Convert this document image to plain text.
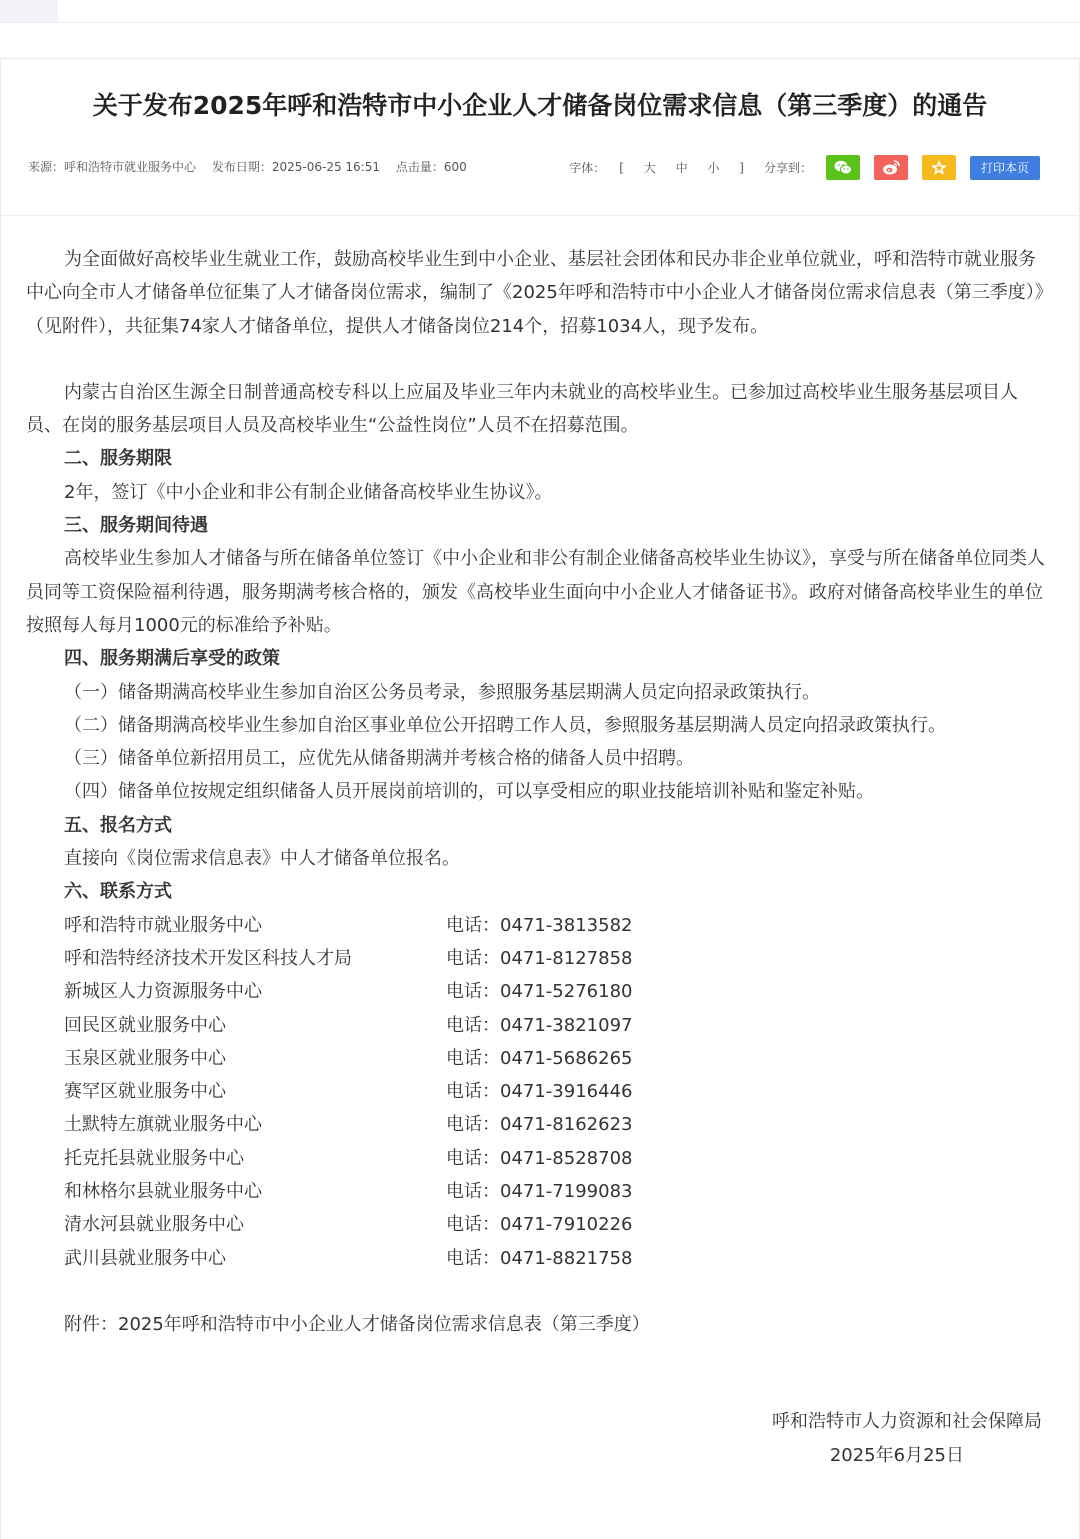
关于发布2025年呼和浩特市中小企业人才储备岗位需求信息（第三季度）的通告
来源：呼和浩特市就业服务中心 发布日期：2025-06-25 16:51 点击量：600	字体：	[ 大 中 小 ]	分享到：	打印本页

为全面做好高校毕业生就业工作，鼓励高校毕业生到中小企业、基层社会团体和民办非企业单位就业，呼和浩特市就业服务中心向全市人才储备单位征集了人才储备岗位需求，编制了《2025年呼和浩特市中小企业人才储备岗位需求信息表（第三季度）》（见附件），共征集74家人才储备单位，提供人才储备岗位214个，招募1034人，现予发布。

内蒙古自治区生源全日制普通高校专科以上应届及毕业三年内未就业的高校毕业生。已参加过高校毕业生服务基层项目人员、在岗的服务基层项目人员及高校毕业生“公益性岗位”人员不在招募范围。

二、服务期限

2年，签订《中小企业和非公有制企业储备高校毕业生协议》。

三、服务期间待遇

高校毕业生参加人才储备与所在储备单位签订《中小企业和非公有制企业储备高校毕业生协议》，享受与所在储备单位同类人员同等工资保险福利待遇，服务期满考核合格的，颁发《高校毕业生面向中小企业人才储备证书》。政府对储备高校毕业生的单位按照每人每月1000元的标准给予补贴。

四、服务期满后享受的政策

（一）储备期满高校毕业生参加自治区公务员考录，参照服务基层期满人员定向招录政策执行。

（二）储备期满高校毕业生参加自治区事业单位公开招聘工作人员，参照服务基层期满人员定向招录政策执行。

（三）储备单位新招用员工，应优先从储备期满并考核合格的储备人员中招聘。

（四）储备单位按规定组织储备人员开展岗前培训的，可以享受相应的职业技能培训补贴和鉴定补贴。

五、报名方式

直接向《岗位需求信息表》中人才储备单位报名。

六、联系方式

呼和浩特市就业服务中心	电话：0471-3813582
呼和浩特经济技术开发区科技人才局	电话：0471-8127858
新城区人力资源服务中心	电话：0471-5276180
回民区就业服务中心	电话：0471-3821097
玉泉区就业服务中心	电话：0471-5686265
赛罕区就业服务中心	电话：0471-3916446
土默特左旗就业服务中心	电话：0471-8162623
托克托县就业服务中心	电话：0471-8528708
和林格尔县就业服务中心	电话：0471-7199083
清水河县就业服务中心	电话：0471-7910226
武川县就业服务中心	电话：0471-8821758

附件：2025年呼和浩特市中小企业人才储备岗位需求信息表（第三季度）

呼和浩特市人力资源和社会保障局
2025年6月25日
